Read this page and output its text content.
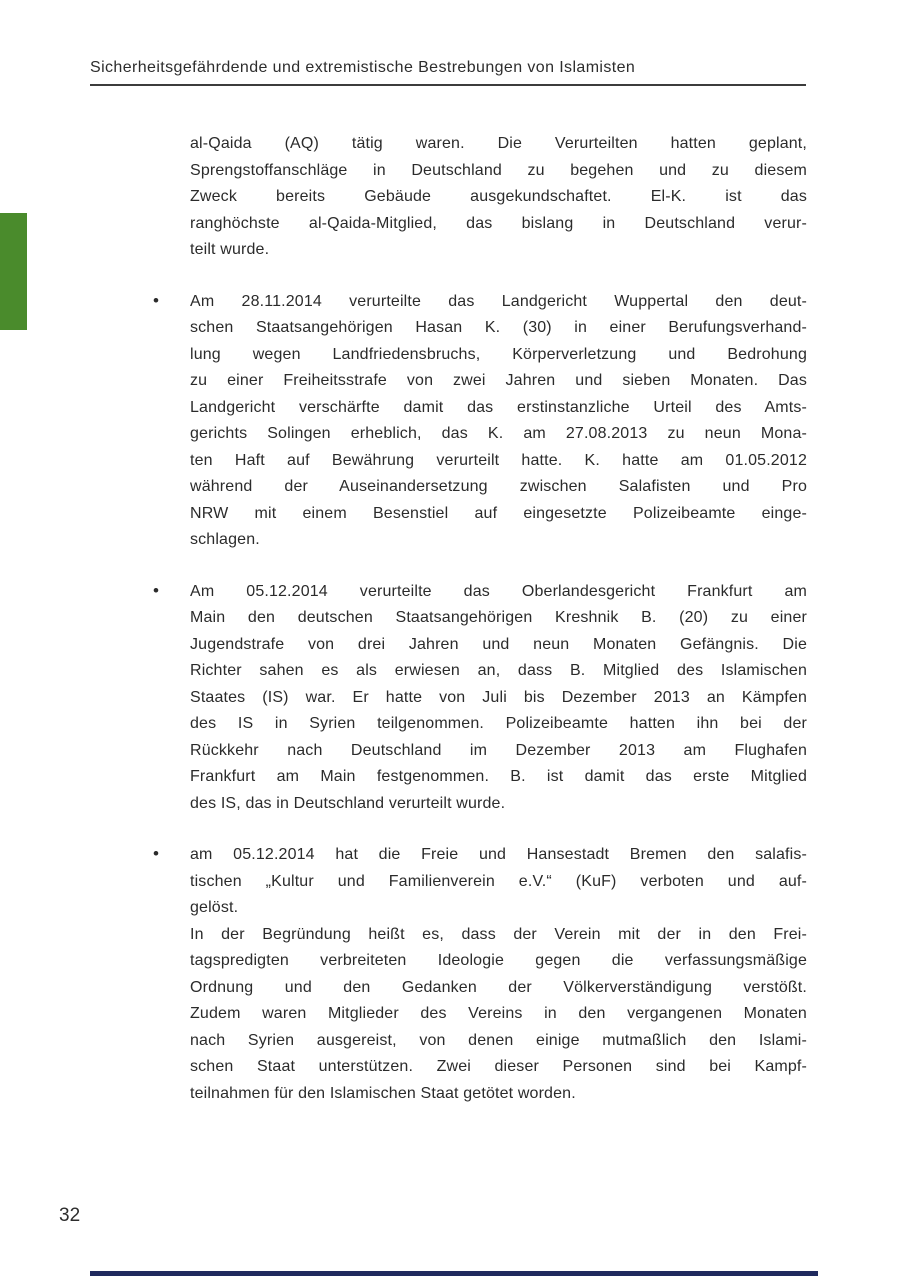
Sicherheitsgefährdende und extremistische Bestrebungen von Islamisten
al-Qaida (AQ) tätig waren. Die Verurteilten hatten geplant,
Sprengstoffanschläge in Deutschland zu begehen und zu diesem
Zweck bereits Gebäude ausgekundschaftet. El-K. ist das
ranghöchste al-Qaida-Mitglied, das bislang in Deutschland verur-
teilt wurde.
• Am 28.11.2014 verurteilte das Landgericht Wuppertal den deut-
schen Staatsangehörigen Hasan K. (30) in einer Berufungsverhand-
lung wegen Landfriedensbruchs, Körperverletzung und Bedrohung
zu einer Freiheitsstrafe von zwei Jahren und sieben Monaten. Das
Landgericht verschärfte damit das erstinstanzliche Urteil des Amts-
gerichts Solingen erheblich, das K. am 27.08.2013 zu neun Mona-
ten Haft auf Bewährung verurteilt hatte. K. hatte am 01.05.2012
während der Auseinandersetzung zwischen Salafisten und Pro
NRW mit einem Besenstiel auf eingesetzte Polizeibeamte einge-
schlagen.
• Am 05.12.2014 verurteilte das Oberlandesgericht Frankfurt am
Main den deutschen Staatsangehörigen Kreshnik B. (20) zu einer
Jugendstrafe von drei Jahren und neun Monaten Gefängnis. Die
Richter sahen es als erwiesen an, dass B. Mitglied des Islamischen
Staates (IS) war. Er hatte von Juli bis Dezember 2013 an Kämpfen
des IS in Syrien teilgenommen. Polizeibeamte hatten ihn bei der
Rückkehr nach Deutschland im Dezember 2013 am Flughafen
Frankfurt am Main festgenommen. B. ist damit das erste Mitglied
des IS, das in Deutschland verurteilt wurde.
• am 05.12.2014 hat die Freie und Hansestadt Bremen den salafis-
tischen „Kultur und Familienverein e.V.“ (KuF) verboten und auf-
gelöst.
In der Begründung heißt es, dass der Verein mit der in den Frei-
tagspredigten verbreiteten Ideologie gegen die verfassungsmäßige
Ordnung und den Gedanken der Völkerverständigung verstößt.
Zudem waren Mitglieder des Vereins in den vergangenen Monaten
nach Syrien ausgereist, von denen einige mutmaßlich den Islami-
schen Staat unterstützen. Zwei dieser Personen sind bei Kampf-
teilnahmen für den Islamischen Staat getötet worden.
32
